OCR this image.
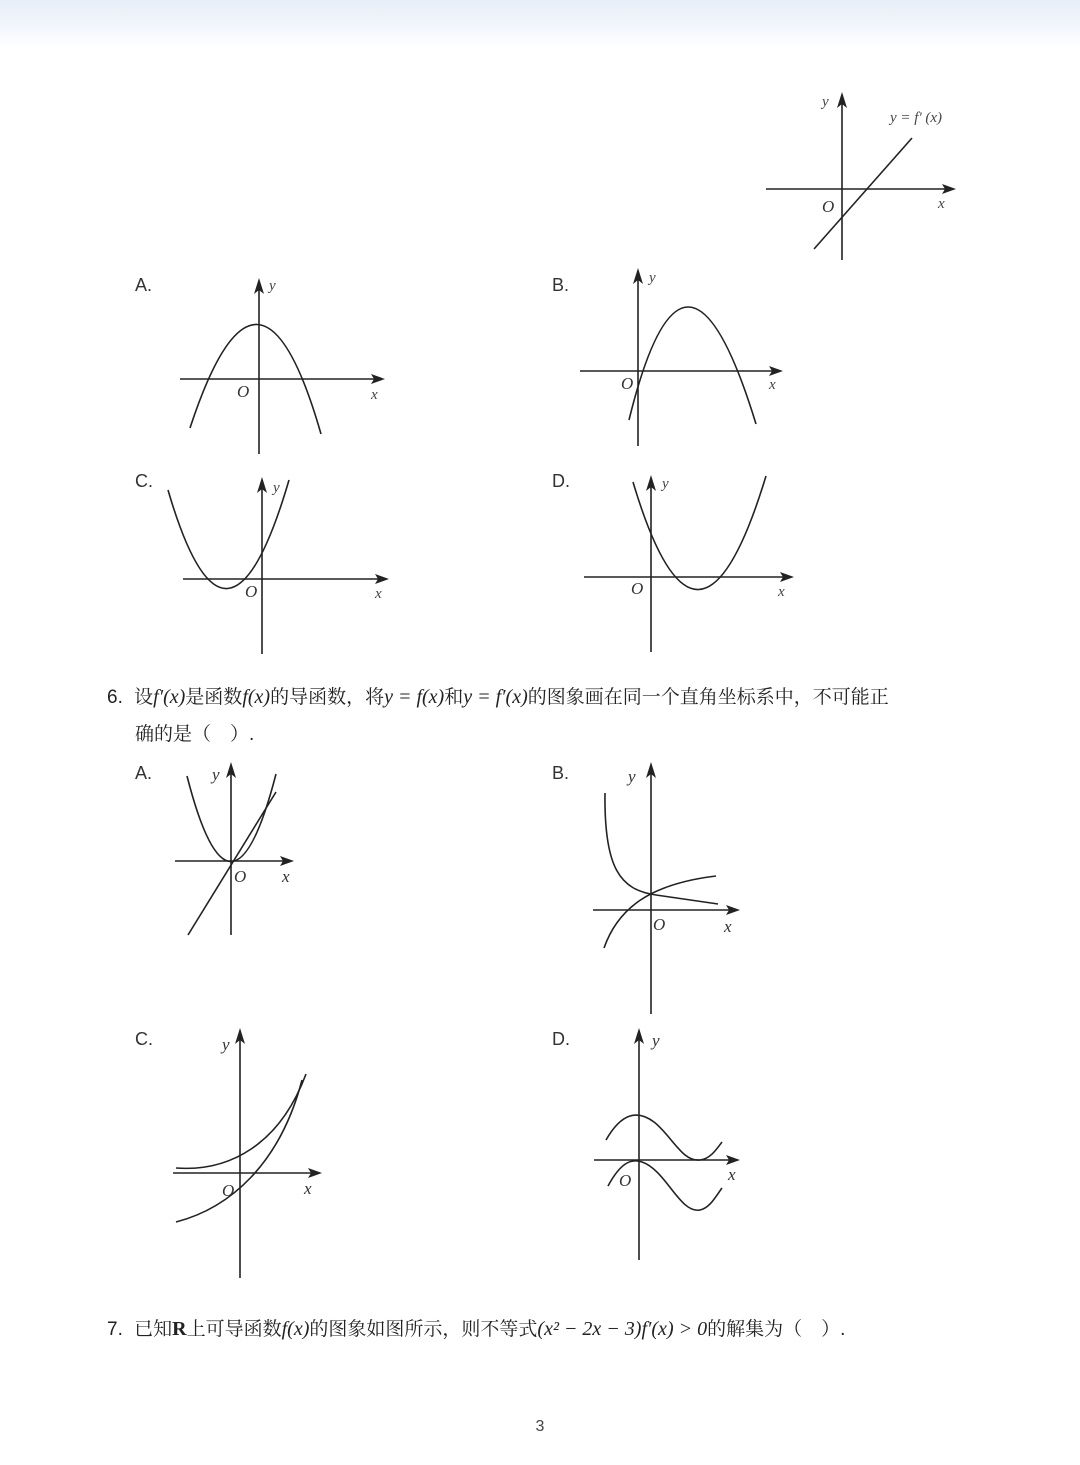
y
x
O
y = f' (x)
A.	y
x
O
B.	y
x
O
C.	y
x
O
D.	y
x
O
6. 设f′(x)是函数f(x)的导函数，将y = f(x)和y = f′(x)的图象画在同一个直角坐标系中，不可能正
确的是（　）.
A.	y
x
O
B.	y
x
O
C.	y
x
O
D.	y
x
O
7. 已知R上可导函数f(x)的图象如图所示，则不等式(x² − 2x − 3)f′(x) > 0的解集为（　）.
3
